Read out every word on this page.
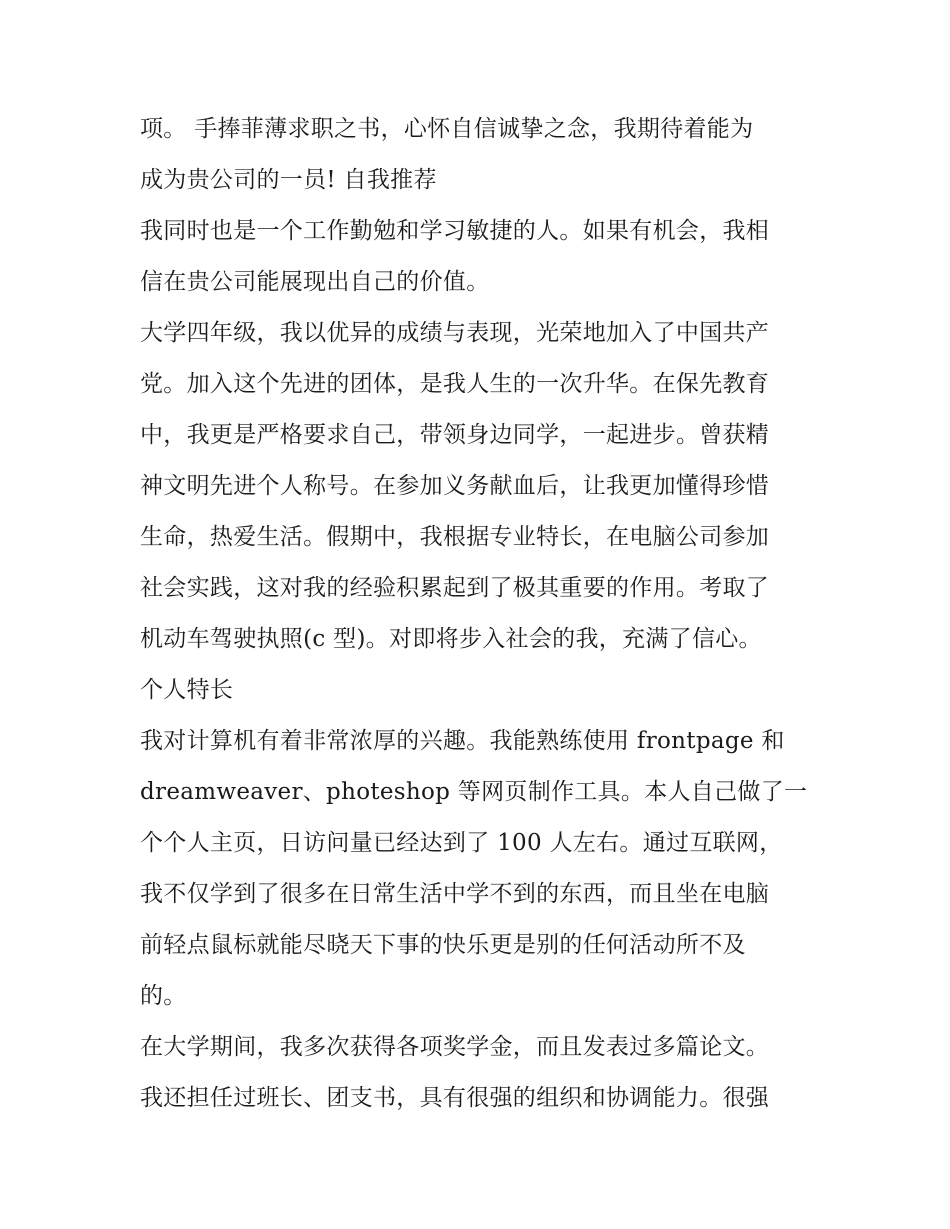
项。 手捧菲薄求职之书，心怀自信诚挚之念，我期待着能为
成为贵公司的一员! 自我推荐
我同时也是一个工作勤勉和学习敏捷的人。如果有机会，我相
信在贵公司能展现出自己的价值。
大学四年级，我以优异的成绩与表现，光荣地加入了中国共产
党。加入这个先进的团体，是我人生的一次升华。在保先教育
中，我更是严格要求自己，带领身边同学，一起进步。曾获精
神文明先进个人称号。在参加义务献血后，让我更加懂得珍惜
生命，热爱生活。假期中，我根据专业特长，在电脑公司参加
社会实践，这对我的经验积累起到了极其重要的作用。考取了
机动车驾驶执照(c 型)。对即将步入社会的我，充满了信心。
个人特长
我对计算机有着非常浓厚的兴趣。我能熟练使用 frontpage 和
dreamweaver、photeshop 等网页制作工具。本人自己做了一
个个人主页，日访问量已经达到了 100 人左右。通过互联网，
我不仅学到了很多在日常生活中学不到的东西，而且坐在电脑
前轻点鼠标就能尽晓天下事的快乐更是别的任何活动所不及
的。
在大学期间，我多次获得各项奖学金，而且发表过多篇论文。
我还担任过班长、团支书，具有很强的组织和协调能力。很强
